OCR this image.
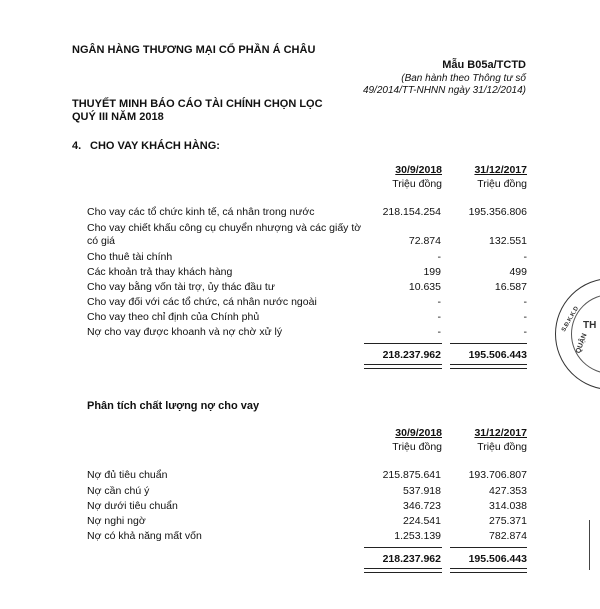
NGÂN HÀNG THƯƠNG MẠI CỔ PHẦN Á CHÂU
Mẫu B05a/TCTD
(Ban hành theo Thông tư số
49/2014/TT-NHNN ngày 31/12/2014)
THUYẾT MINH BÁO CÁO TÀI CHÍNH CHỌN LỌC
QUÝ III NĂM 2018
4. CHO VAY KHÁCH HÀNG:
30/9/2018
Triệu đồng
31/12/2017
Triệu đồng
Cho vay các tổ chức kinh tế, cá nhân trong nước	218.154.254	195.356.806
Cho vay chiết khấu công cụ chuyển nhượng và các giấy tờ có giá	72.874	132.551
Cho thuê tài chính	-	-
Các khoản trả thay khách hàng	199	499
Cho vay bằng vốn tài trợ, ủy thác đầu tư	10.635	16.587
Cho vay đối với các tổ chức, cá nhân nước ngoài	-	-
Cho vay theo chỉ định của Chính phủ	-	-
Nợ cho vay được khoanh và nợ chờ xử lý	-	-
218.237.962	195.506.443
Phân tích chất lượng nợ cho vay
30/9/2018
Triệu đồng
31/12/2017
Triệu đồng
Nợ đủ tiêu chuẩn	215.875.641	193.706.807
Nợ cần chú ý	537.918	427.353
Nợ dưới tiêu chuẩn	346.723	314.038
Nợ nghi ngờ	224.541	275.371
Nợ có khả năng mất vốn	1.253.139	782.874
218.237.962	195.506.443
TH
QUẬN
S.Đ.K.K.D
